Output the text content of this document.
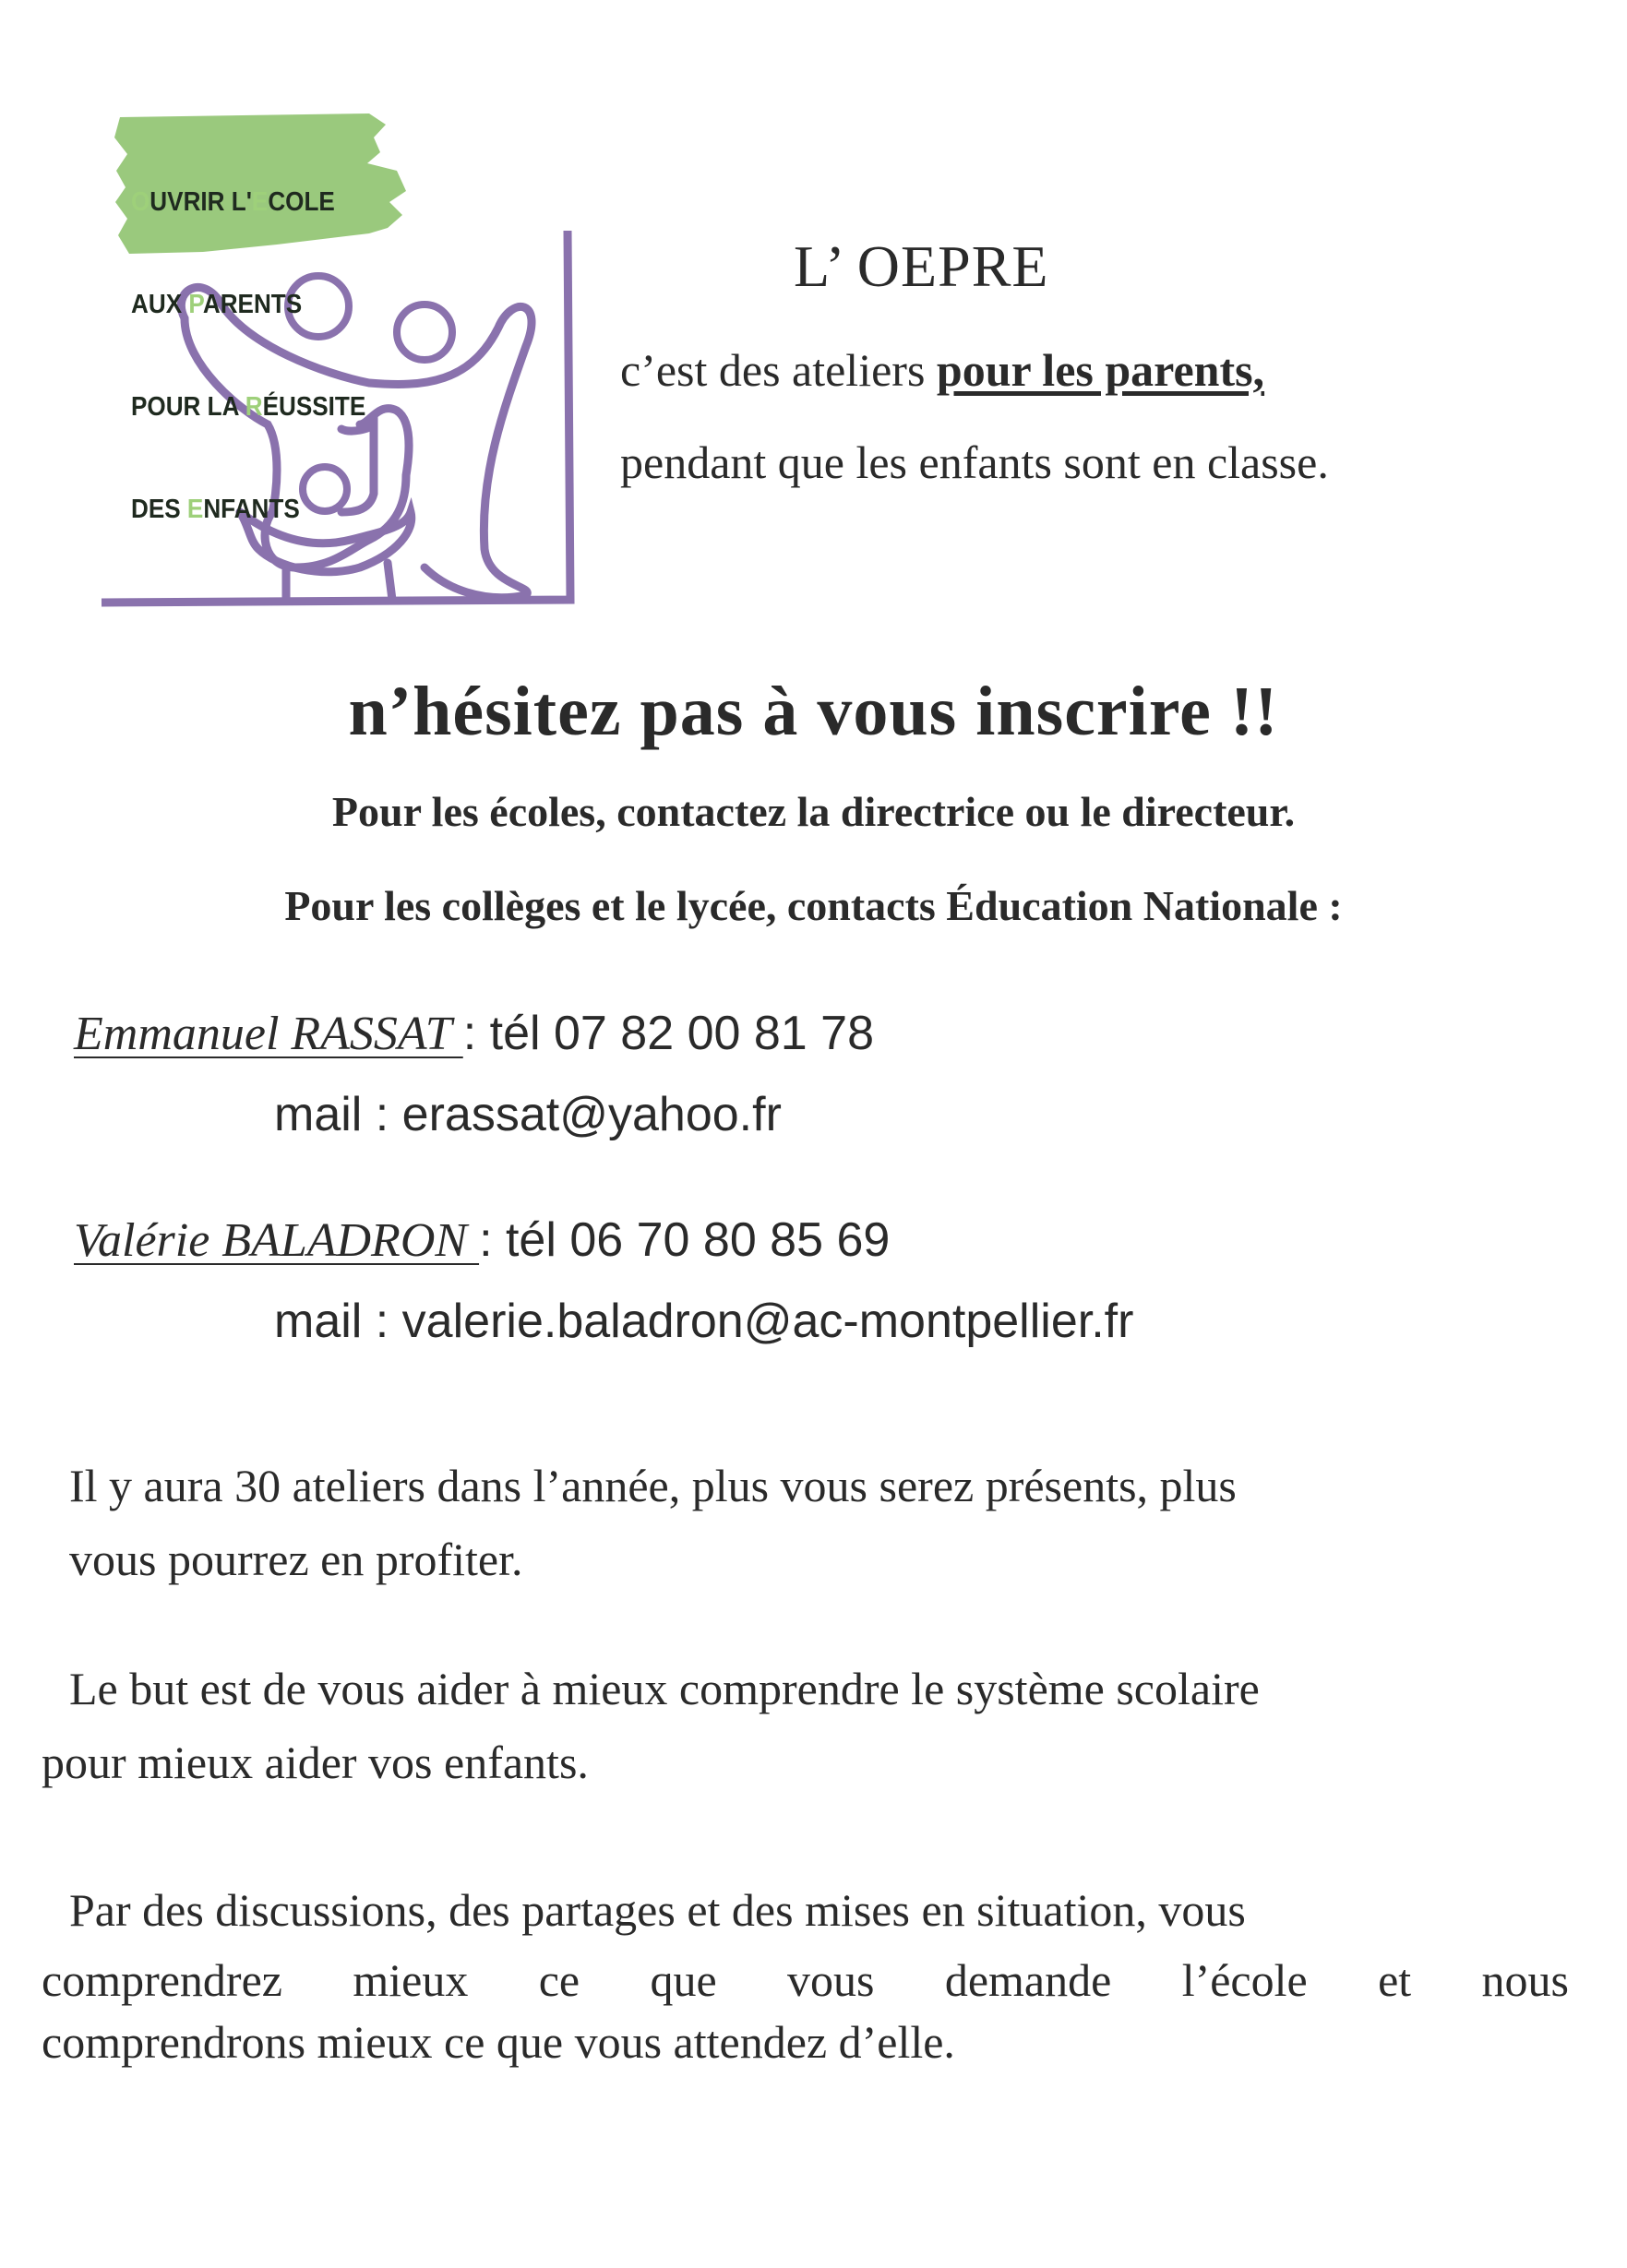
OUVRIR L'ECOLE

AUX PARENTS

POUR LA RÉUSSITE

DES ENFANTS

L’ OEPRE
c’est des ateliers pour les parents,
pendant que les enfants sont en classe.
n’hésitez pas à vous inscrire !!
Pour les écoles, contactez la directrice ou le directeur.
Pour les collèges et le lycée, contacts Éducation Nationale :
Emmanuel RASSAT : tél 07 82 00 81 78
mail : erassat@yahoo.fr
Valérie BALADRON : tél 06 70 80 85 69
mail : valerie.baladron@ac-montpellier.fr
Il y aura 30 ateliers dans l’année, plus vous serez présents, plus
vous pourrez en profiter.
Le but est de vous aider à mieux comprendre le système scolaire
pour mieux aider vos enfants.
Par des discussions, des partages et des mises en situation, vous
comprendrez mieux ce que vous demande l’école et nous
comprendrons mieux ce que vous attendez d’elle.
